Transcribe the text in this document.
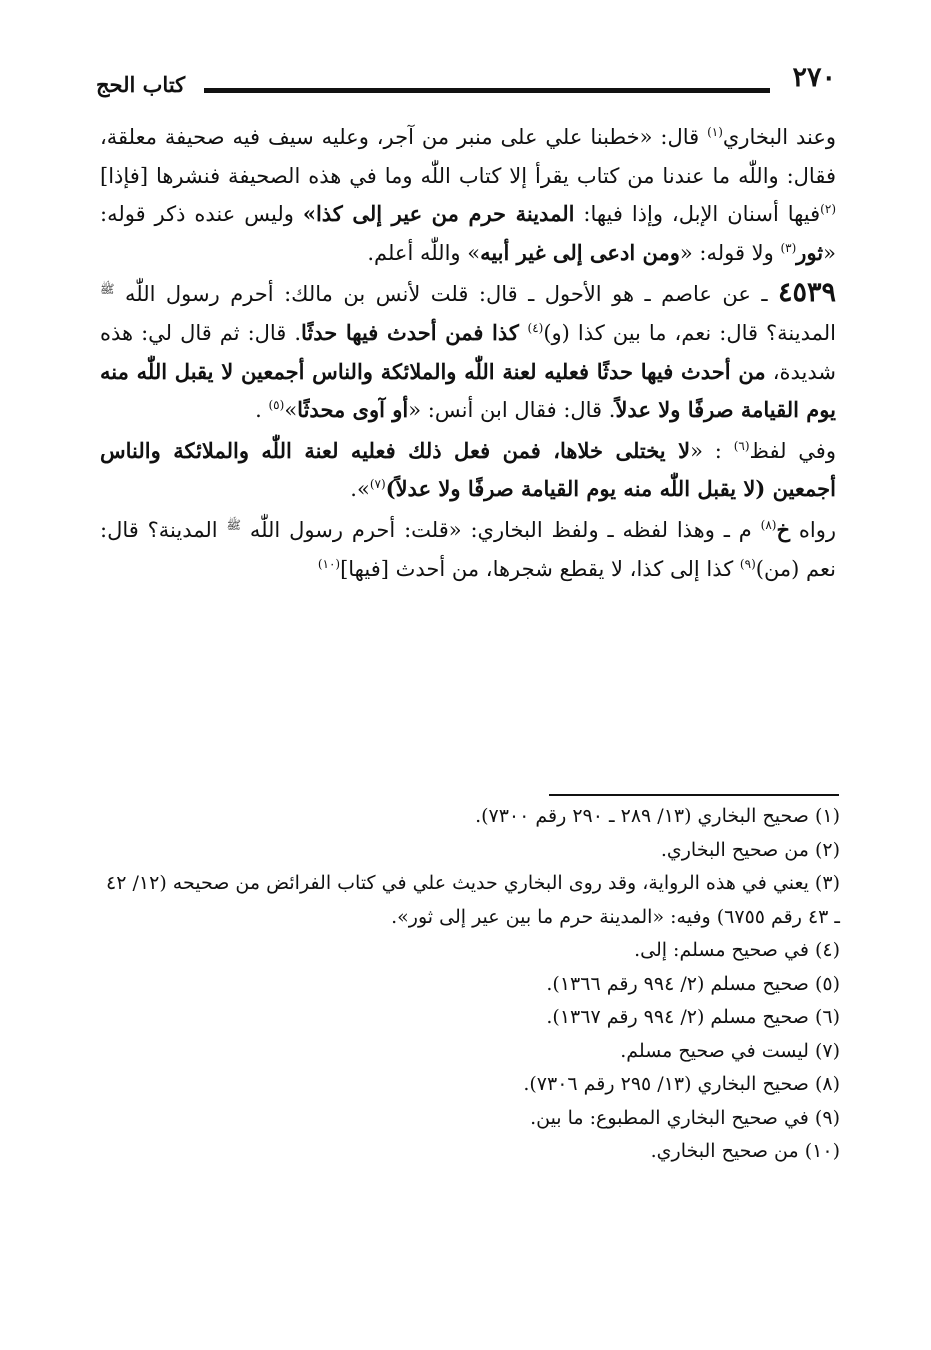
٢٧٠
كتاب الحج

وعند البخاري$^{(١)}$ قال: «خطبنا علي على منبر من آجر، وعليه سيف فيه صحيفة معلقة، فقال: واللّٰه ما عندنا من كتاب يقرأ إلا كتاب اللّٰه وما في هذه الصحيفة فنشرها [فإذا]$^{(٢)}$فيها أسنان الإبل، وإذا فيها: المدينة حرم من عير إلى كذا» وليس عنده ذكر قوله: «ثور$^{(٣)}$ ولا قوله: «ومن ادعى إلى غير أبيه» واللّٰه أعلم.

٤٥٣٩ ـ عن عاصم ـ هو الأحول ـ قال: قلت لأنس بن مالك: أحرم رسول اللّٰه $^ﷺ$ المدينة؟ قال: نعم، ما بين كذا (و)$^{(٤)}$ كذا فمن أحدث فيها حدثًا. قال: ثم قال لي: هذه شديدة، من أحدث فيها حدثًا فعليه لعنة اللّٰه والملائكة والناس أجمعين لا يقبل اللّٰه منه يوم القيامة صرفًا ولا عدلاً. قال: فقال ابن أنس: «أو آوى محدثًا»$^{(٥)}$ .

وفي لفظ$^{(٦)}$ : «لا يختلى خلاها، فمن فعل ذلك فعليه لعنة اللّٰه والملائكة والناس أجمعين (لا يقبل اللّٰه منه يوم القيامة صرفًا ولا عدلاً)$^{(٧)}$».

رواه خ$^{(٨)}$ م ـ وهذا لفظه ـ ولفظ البخاري: «قلت: أحرم رسول اللّٰه $^ﷺ$ المدينة؟ قال: نعم (من)$^{(٩)}$ كذا إلى كذا، لا يقطع شجرها، من أحدث [فيها]$^{(١٠)}$

(١) صحيح البخاري (١٣/ ٢٨٩ ـ ٢٩٠ رقم ٧٣٠٠).

(٢) من صحيح البخاري.

(٣) يعني في هذه الرواية، وقد روى البخاري حديث علي في كتاب الفرائض من صحيحه (١٢/ ٤٢ ـ ٤٣ رقم ٦٧٥٥) وفيه: «المدينة حرم ما بين عير إلى ثور».

(٤) في صحيح مسلم: إلى.

(٥) صحيح مسلم (٢/ ٩٩٤ رقم ١٣٦٦).

(٦) صحيح مسلم (٢/ ٩٩٤ رقم ١٣٦٧).

(٧) ليست في صحيح مسلم.

(٨) صحيح البخاري (١٣/ ٢٩٥ رقم ٧٣٠٦).

(٩) في صحيح البخاري المطبوع: ما بين.

(١٠) من صحيح البخاري.
